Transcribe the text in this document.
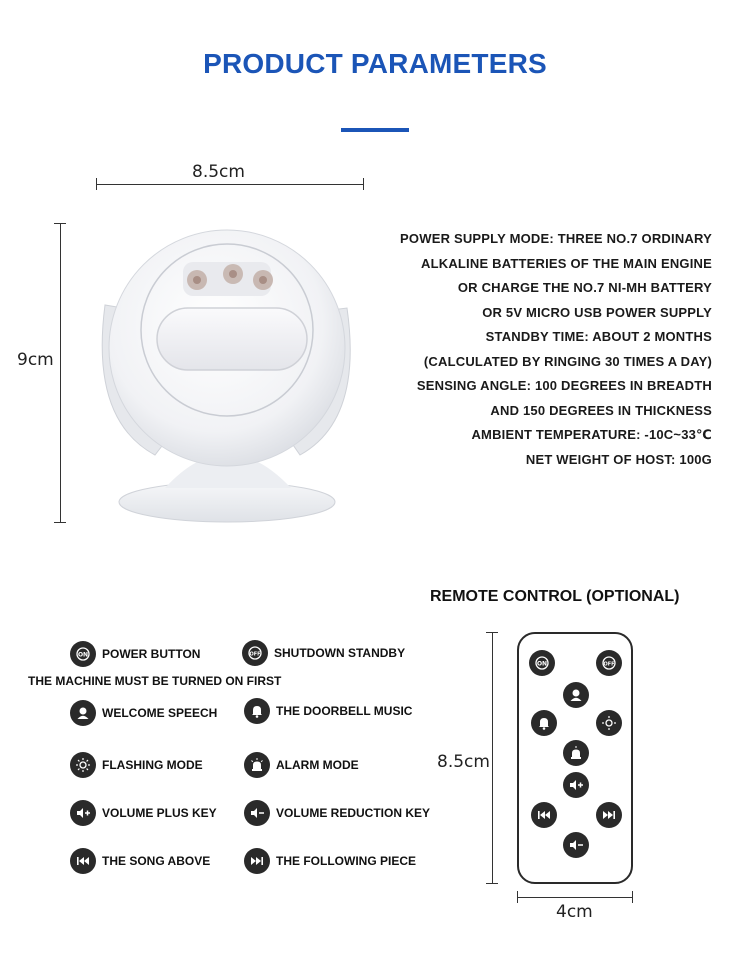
PRODUCT PARAMETERS
8.5cm
9cm
POWER SUPPLY MODE: THREE NO.7 ORDINARY
ALKALINE BATTERIES OF THE MAIN ENGINE
OR CHARGE THE NO.7 NI-MH BATTERY
OR 5V MICRO USB POWER SUPPLY
STANDBY TIME: ABOUT 2 MONTHS
(CALCULATED BY RINGING 30 TIMES A DAY)
SENSING ANGLE: 100 DEGREES IN BREADTH
AND 150 DEGREES IN THICKNESS
AMBIENT TEMPERATURE: -10C~33℃
NET WEIGHT OF HOST: 100G
REMOTE CONTROL (OPTIONAL)
ON POWER BUTTON	OFF SHUTDOWN STANDBY
THE MACHINE MUST BE TURNED ON FIRST
WELCOME SPEECH	THE DOORBELL MUSIC
FLASHING MODE	ALARM MODE
VOLUME PLUS KEY	VOLUME REDUCTION KEY
THE SONG ABOVE	THE FOLLOWING PIECE
8.5cm
4cm
ON	OFF
